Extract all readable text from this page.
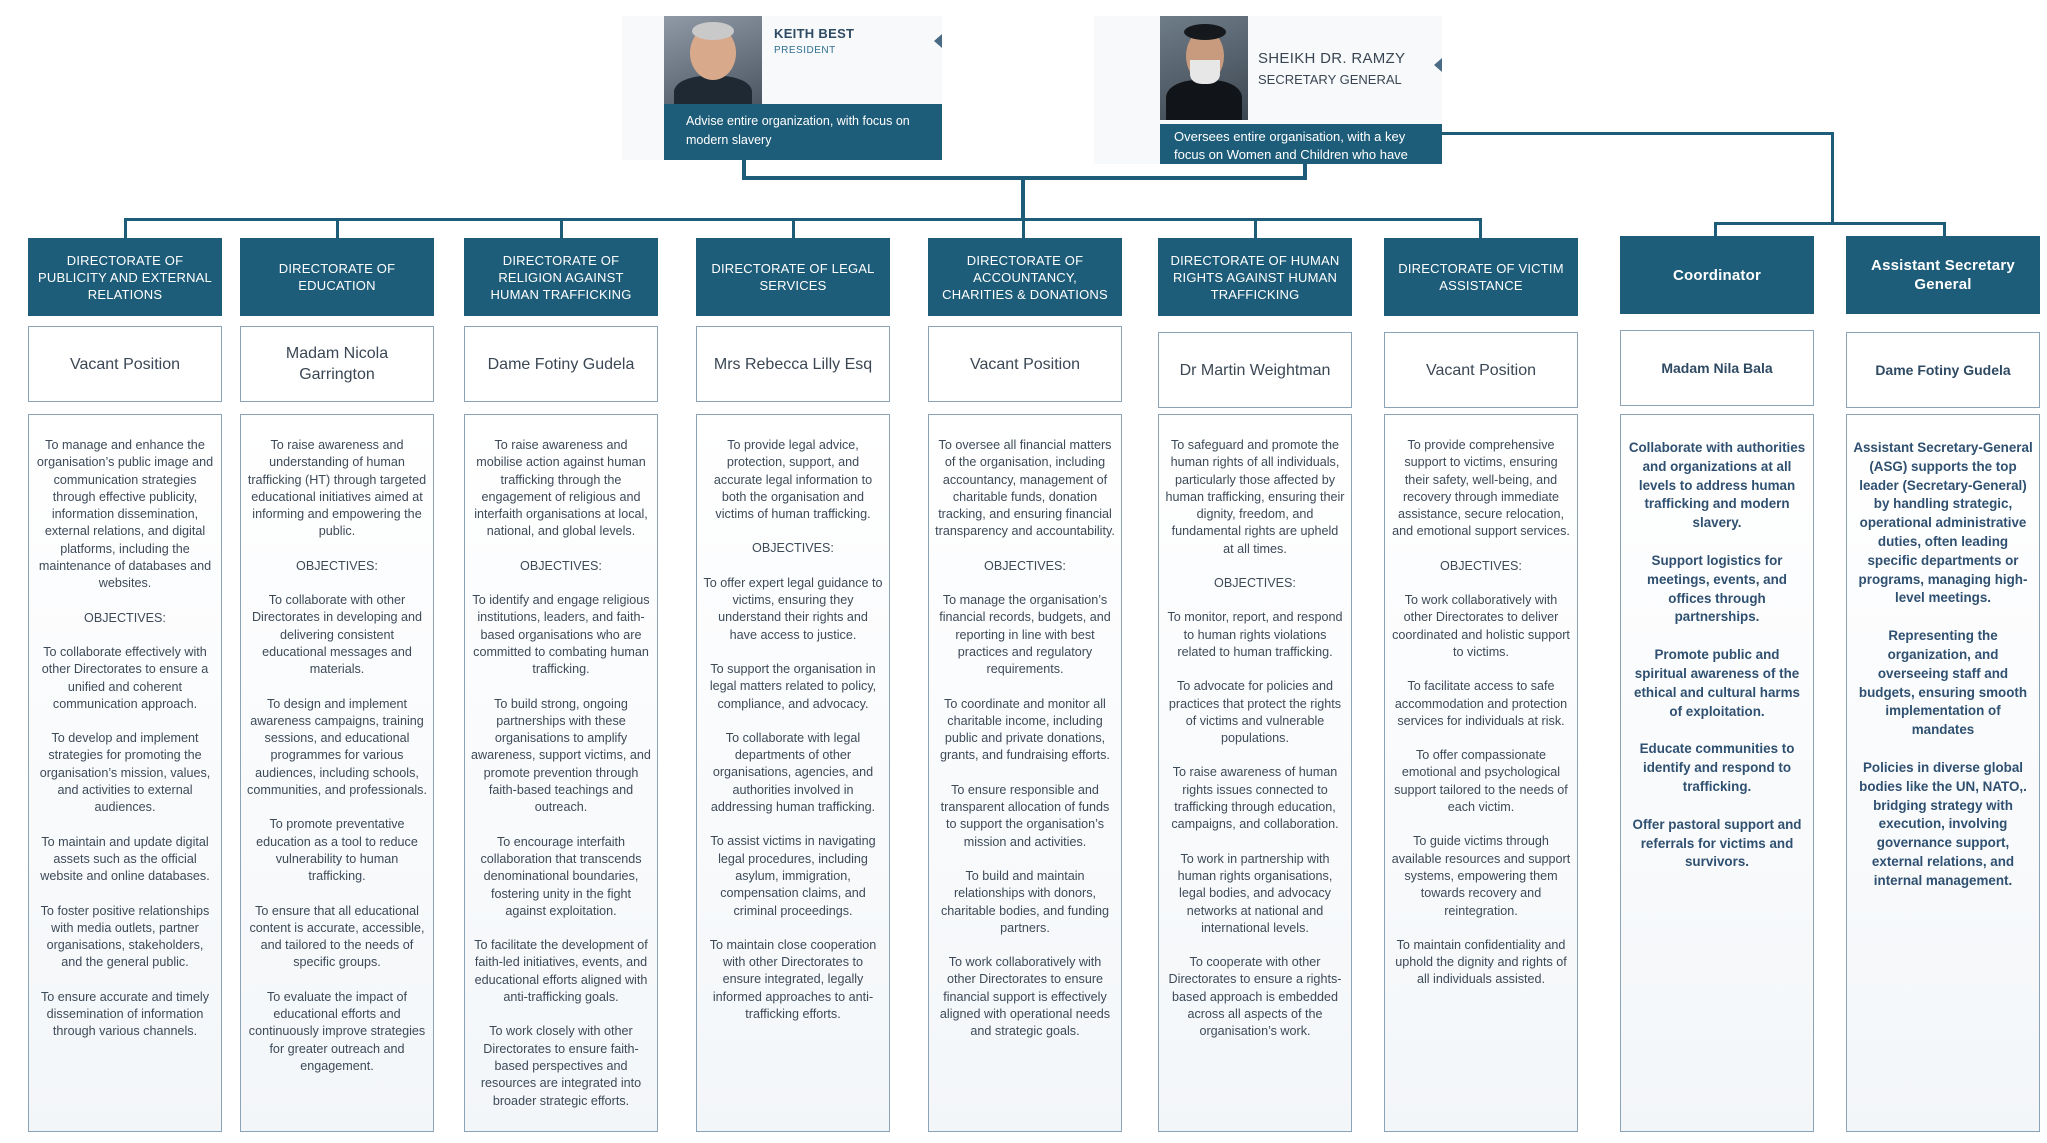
KEITH BEST
PRESIDENT
Advise entire organization, with focus on modern slavery
SHEIKH DR. RAMZY
SECRETARY GENERAL
Oversees entire organisation, with a key focus on Women and Children who have
DIRECTORATE OF PUBLICITY AND EXTERNAL RELATIONS
Vacant Position

To manage and enhance the organisation’s public image and communication strategies through effective publicity, information dissemination, external relations, and digital platforms, including the maintenance of databases and websites.

OBJECTIVES:

To collaborate effectively with other Directorates to ensure a unified and coherent communication approach.

To develop and implement strategies for promoting the organisation’s mission, values, and activities to external audiences.

To maintain and update digital assets such as the official website and online databases.

To foster positive relationships with media outlets, partner organisations, stakeholders, and the general public.

To ensure accurate and timely dissemination of information through various channels.

DIRECTORATE OF EDUCATION
Madam Nicola Garrington

To raise awareness and understanding of human trafficking (HT) through targeted educational initiatives aimed at informing and empowering the public.

OBJECTIVES:

To collaborate with other Directorates in developing and delivering consistent educational messages and materials.

To design and implement awareness campaigns, training sessions, and educational programmes for various audiences, including schools, communities, and professionals.

To promote preventative education as a tool to reduce vulnerability to human trafficking.

To ensure that all educational content is accurate, accessible, and tailored to the needs of specific groups.

To evaluate the impact of educational efforts and continuously improve strategies for greater outreach and engagement.

DIRECTORATE OF RELIGION AGAINST HUMAN TRAFFICKING
Dame Fotiny Gudela

To raise awareness and mobilise action against human trafficking through the engagement of religious and interfaith organisations at local, national, and global levels.

OBJECTIVES:

To identify and engage religious institutions, leaders, and faith-based organisations who are committed to combating human trafficking.

To build strong, ongoing partnerships with these organisations to amplify awareness, support victims, and promote prevention through faith-based teachings and outreach.

To encourage interfaith collaboration that transcends denominational boundaries, fostering unity in the fight against exploitation.

To facilitate the development of faith-led initiatives, events, and educational efforts aligned with anti-trafficking goals.

To work closely with other Directorates to ensure faith-based perspectives and resources are integrated into broader strategic efforts.

DIRECTORATE OF LEGAL SERVICES
Mrs Rebecca Lilly Esq

To provide legal advice, protection, support, and accurate legal information to both the organisation and victims of human trafficking.

OBJECTIVES:

To offer expert legal guidance to victims, ensuring they understand their rights and have access to justice.

To support the organisation in legal matters related to policy, compliance, and advocacy.

To collaborate with legal departments of other organisations, agencies, and authorities involved in addressing human trafficking.

To assist victims in navigating legal procedures, including asylum, immigration, compensation claims, and criminal proceedings.

To maintain close cooperation with other Directorates to ensure integrated, legally informed approaches to anti-trafficking efforts.

DIRECTORATE OF ACCOUNTANCY, CHARITIES & DONATIONS
Vacant Position

To oversee all financial matters of the organisation, including accountancy, management of charitable funds, donation tracking, and ensuring financial transparency and accountability.

OBJECTIVES:

To manage the organisation’s financial records, budgets, and reporting in line with best practices and regulatory requirements.

To coordinate and monitor all charitable income, including public and private donations, grants, and fundraising efforts.

To ensure responsible and transparent allocation of funds to support the organisation’s mission and activities.

To build and maintain relationships with donors, charitable bodies, and funding partners.

To work collaboratively with other Directorates to ensure financial support is effectively aligned with operational needs and strategic goals.

DIRECTORATE OF HUMAN RIGHTS AGAINST HUMAN TRAFFICKING
Dr Martin Weightman

To safeguard and promote the human rights of all individuals, particularly those affected by human trafficking, ensuring their dignity, freedom, and fundamental rights are upheld at all times.

OBJECTIVES:

To monitor, report, and respond to human rights violations related to human trafficking.

To advocate for policies and practices that protect the rights of victims and vulnerable populations.

To raise awareness of human rights issues connected to trafficking through education, campaigns, and collaboration.

To work in partnership with human rights organisations, legal bodies, and advocacy networks at national and international levels.

To cooperate with other Directorates to ensure a rights-based approach is embedded across all aspects of the organisation’s work.

DIRECTORATE OF VICTIM ASSISTANCE
Vacant Position

To provide comprehensive support to victims, ensuring their safety, well-being, and recovery through immediate assistance, secure relocation, and emotional support services.

OBJECTIVES:

To work collaboratively with other Directorates to deliver coordinated and holistic support to victims.

To facilitate access to safe accommodation and protection services for individuals at risk.

To offer compassionate emotional and psychological support tailored to the needs of each victim.

To guide victims through available resources and support systems, empowering them towards recovery and reintegration.

To maintain confidentiality and uphold the dignity and rights of all individuals assisted.

Coordinator
Madam Nila Bala

Collaborate with authorities and organizations at all levels to address human trafficking and modern slavery.

Support logistics for meetings, events, and offices through partnerships.

Promote public and spiritual awareness of the ethical and cultural harms of exploitation.

Educate communities to identify and respond to trafficking.

Offer pastoral support and referrals for victims and survivors.

Assistant Secretary General
Dame Fotiny Gudela

Assistant Secretary-General (ASG) supports the top leader (Secretary-General) by handling strategic, operational administrative duties, often leading specific departments or programs, managing high-level meetings.

Representing the organization, and overseeing staff and budgets, ensuring smooth implementation of mandates

Policies in diverse global bodies like the UN, NATO,. bridging strategy with execution, involving governance support, external relations, and internal management.
